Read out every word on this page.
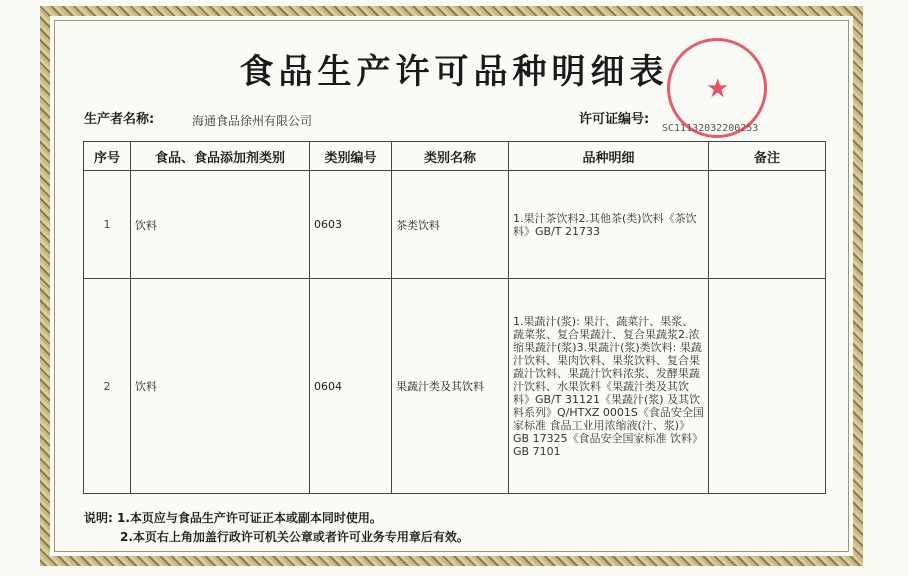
食品生产许可品种明细表
生产者名称:	海通食品徐州有限公司	许可证编号:
SC11132032200253
序号	食品、食品添加剂类别	类别编号	类别名称	品种明细	备注
1	饮料	0603	茶类饮料	1.果汁茶饮料2.其他茶(类)饮料《茶饮料》GB/T 21733	
2	饮料	0604	果蔬汁类及其饮料	1.果蔬汁(浆): 果汁、蔬菜汁、果浆、蔬菜浆、复合果蔬汁、复合果蔬浆2.浓缩果蔬汁(浆)3.果蔬汁(浆)类饮料: 果蔬汁饮料、果肉饮料、果浆饮料、复合果蔬汁饮料、果蔬汁饮料浓浆、发酵果蔬汁饮料、水果饮料《果蔬汁类及其饮料》GB/T 31121《果蔬汁(浆) 及其饮料系列》Q/HTXZ 0001S《食品安全国家标准 食品工业用浓缩液(汁、浆)》GB 17325《食品安全国家标准 饮料》GB 7101	
说明: 1.本页应与食品生产许可证正本或副本同时使用。
2.本页右上角加盖行政许可机关公章或者许可业务专用章后有效。
★
